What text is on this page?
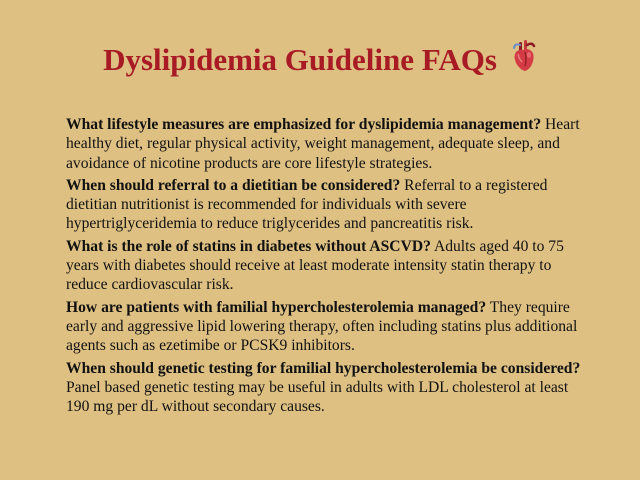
Dyslipidemia Guideline FAQs

What lifestyle measures are emphasized for dyslipidemia management? Heart healthy diet, regular physical activity, weight management, adequate sleep, and avoidance of nicotine products are core lifestyle strategies.

When should referral to a dietitian be considered? Referral to a registered dietitian nutritionist is recommended for individuals with severe hypertriglyceridemia to reduce triglycerides and pancreatitis risk.

What is the role of statins in diabetes without ASCVD? Adults aged 40 to 75 years with diabetes should receive at least moderate intensity statin therapy to reduce cardiovascular risk.

How are patients with familial hypercholesterolemia managed? They require early and aggressive lipid lowering therapy, often including statins plus additional agents such as ezetimibe or PCSK9 inhibitors.

When should genetic testing for familial hypercholesterolemia be considered? Panel based genetic testing may be useful in adults with LDL cholesterol at least 190 mg per dL without secondary causes.
